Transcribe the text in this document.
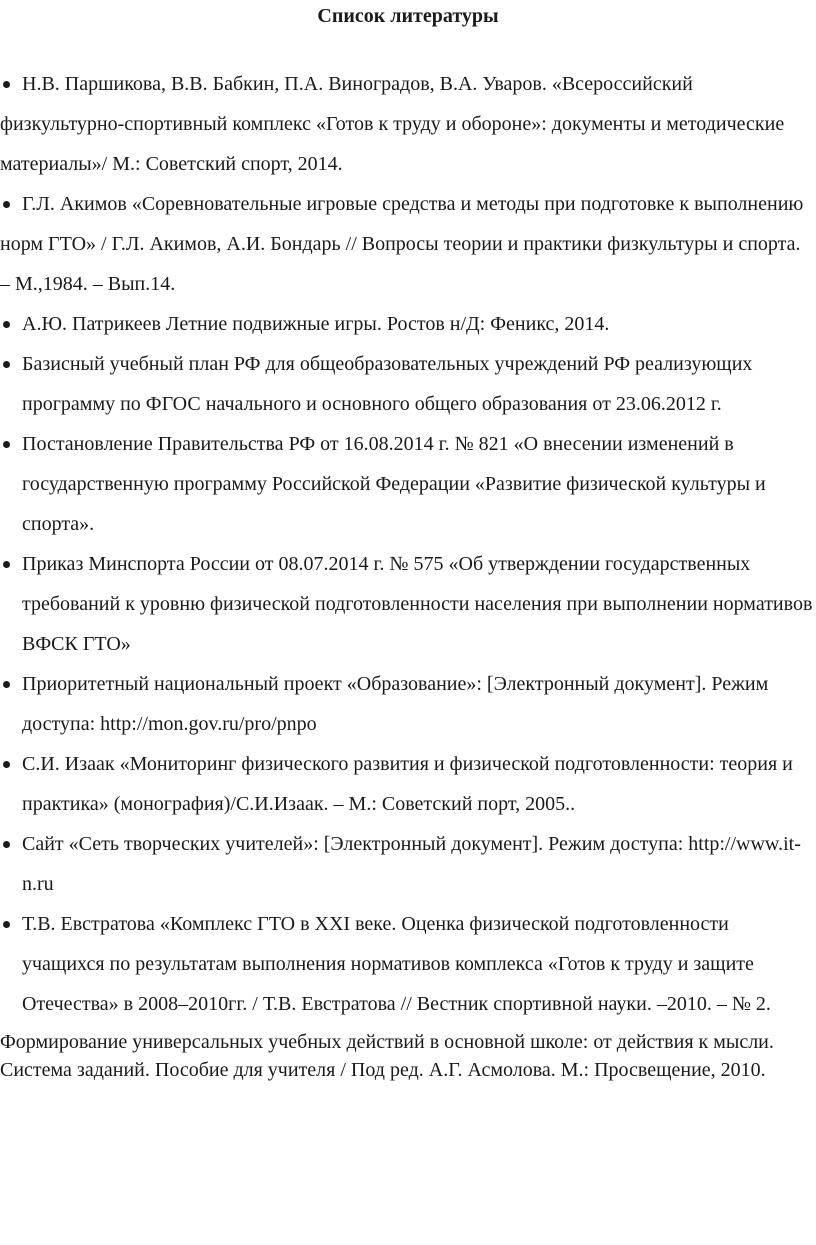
Список литературы
Н.В. Паршикова, В.В. Бабкин, П.А. Виноградов, В.А. Уваров. «Всероссийский физкультурно-спортивный комплекс «Готов к труду и обороне»: документы и методические материалы»/ М.: Советский спорт, 2014.
Г.Л. Акимов «Соревновательные игровые средства и методы при подготовке к выполнению норм ГТО» / Г.Л. Акимов, А.И. Бондарь // Вопросы теории и практики физкультуры и спорта. – М.,1984. – Вып.14.
А.Ю. Патрикеев Летние подвижные игры. Ростов н/Д: Феникс, 2014.
Базисный учебный план РФ для общеобразовательных учреждений РФ реализующих программу по ФГОС начального и основного общего образования от 23.06.2012 г.
Постановление Правительства РФ от 16.08.2014 г. № 821 «О внесении изменений в государственную программу Российской Федерации «Развитие физической культуры и спорта».
Приказ Минспорта России от 08.07.2014 г. № 575 «Об утверждении государственных требований к уровню физической подготовленности населения при выполнении нормативов ВФСК ГТО»
Приоритетный национальный проект «Образование»: [Электронный документ]. Режим доступа: http://mon.gov.ru/pro/pnpo
С.И. Изаак «Мониторинг физического развития и физической подготовленности: теория и практика» (монография)/С.И.Изаак. – М.: Советский порт, 2005..
Сайт «Сеть творческих учителей»: [Электронный документ]. Режим доступа: http://www.it-n.ru
Т.В. Евстратова «Комплекс ГТО в XXI веке. Оценка физической подготовленности учащихся по результатам выполнения нормативов комплекса «Готов к труду и защите Отечества» в 2008–2010гг. / Т.В. Евстратова // Вестник спортивной науки. –2010. – № 2.

Формирование универсальных учебных действий в основной школе: от действия к мысли. Система заданий. Пособие для учителя / Под ред. А.Г. Асмолова. М.: Просвещение, 2010.
